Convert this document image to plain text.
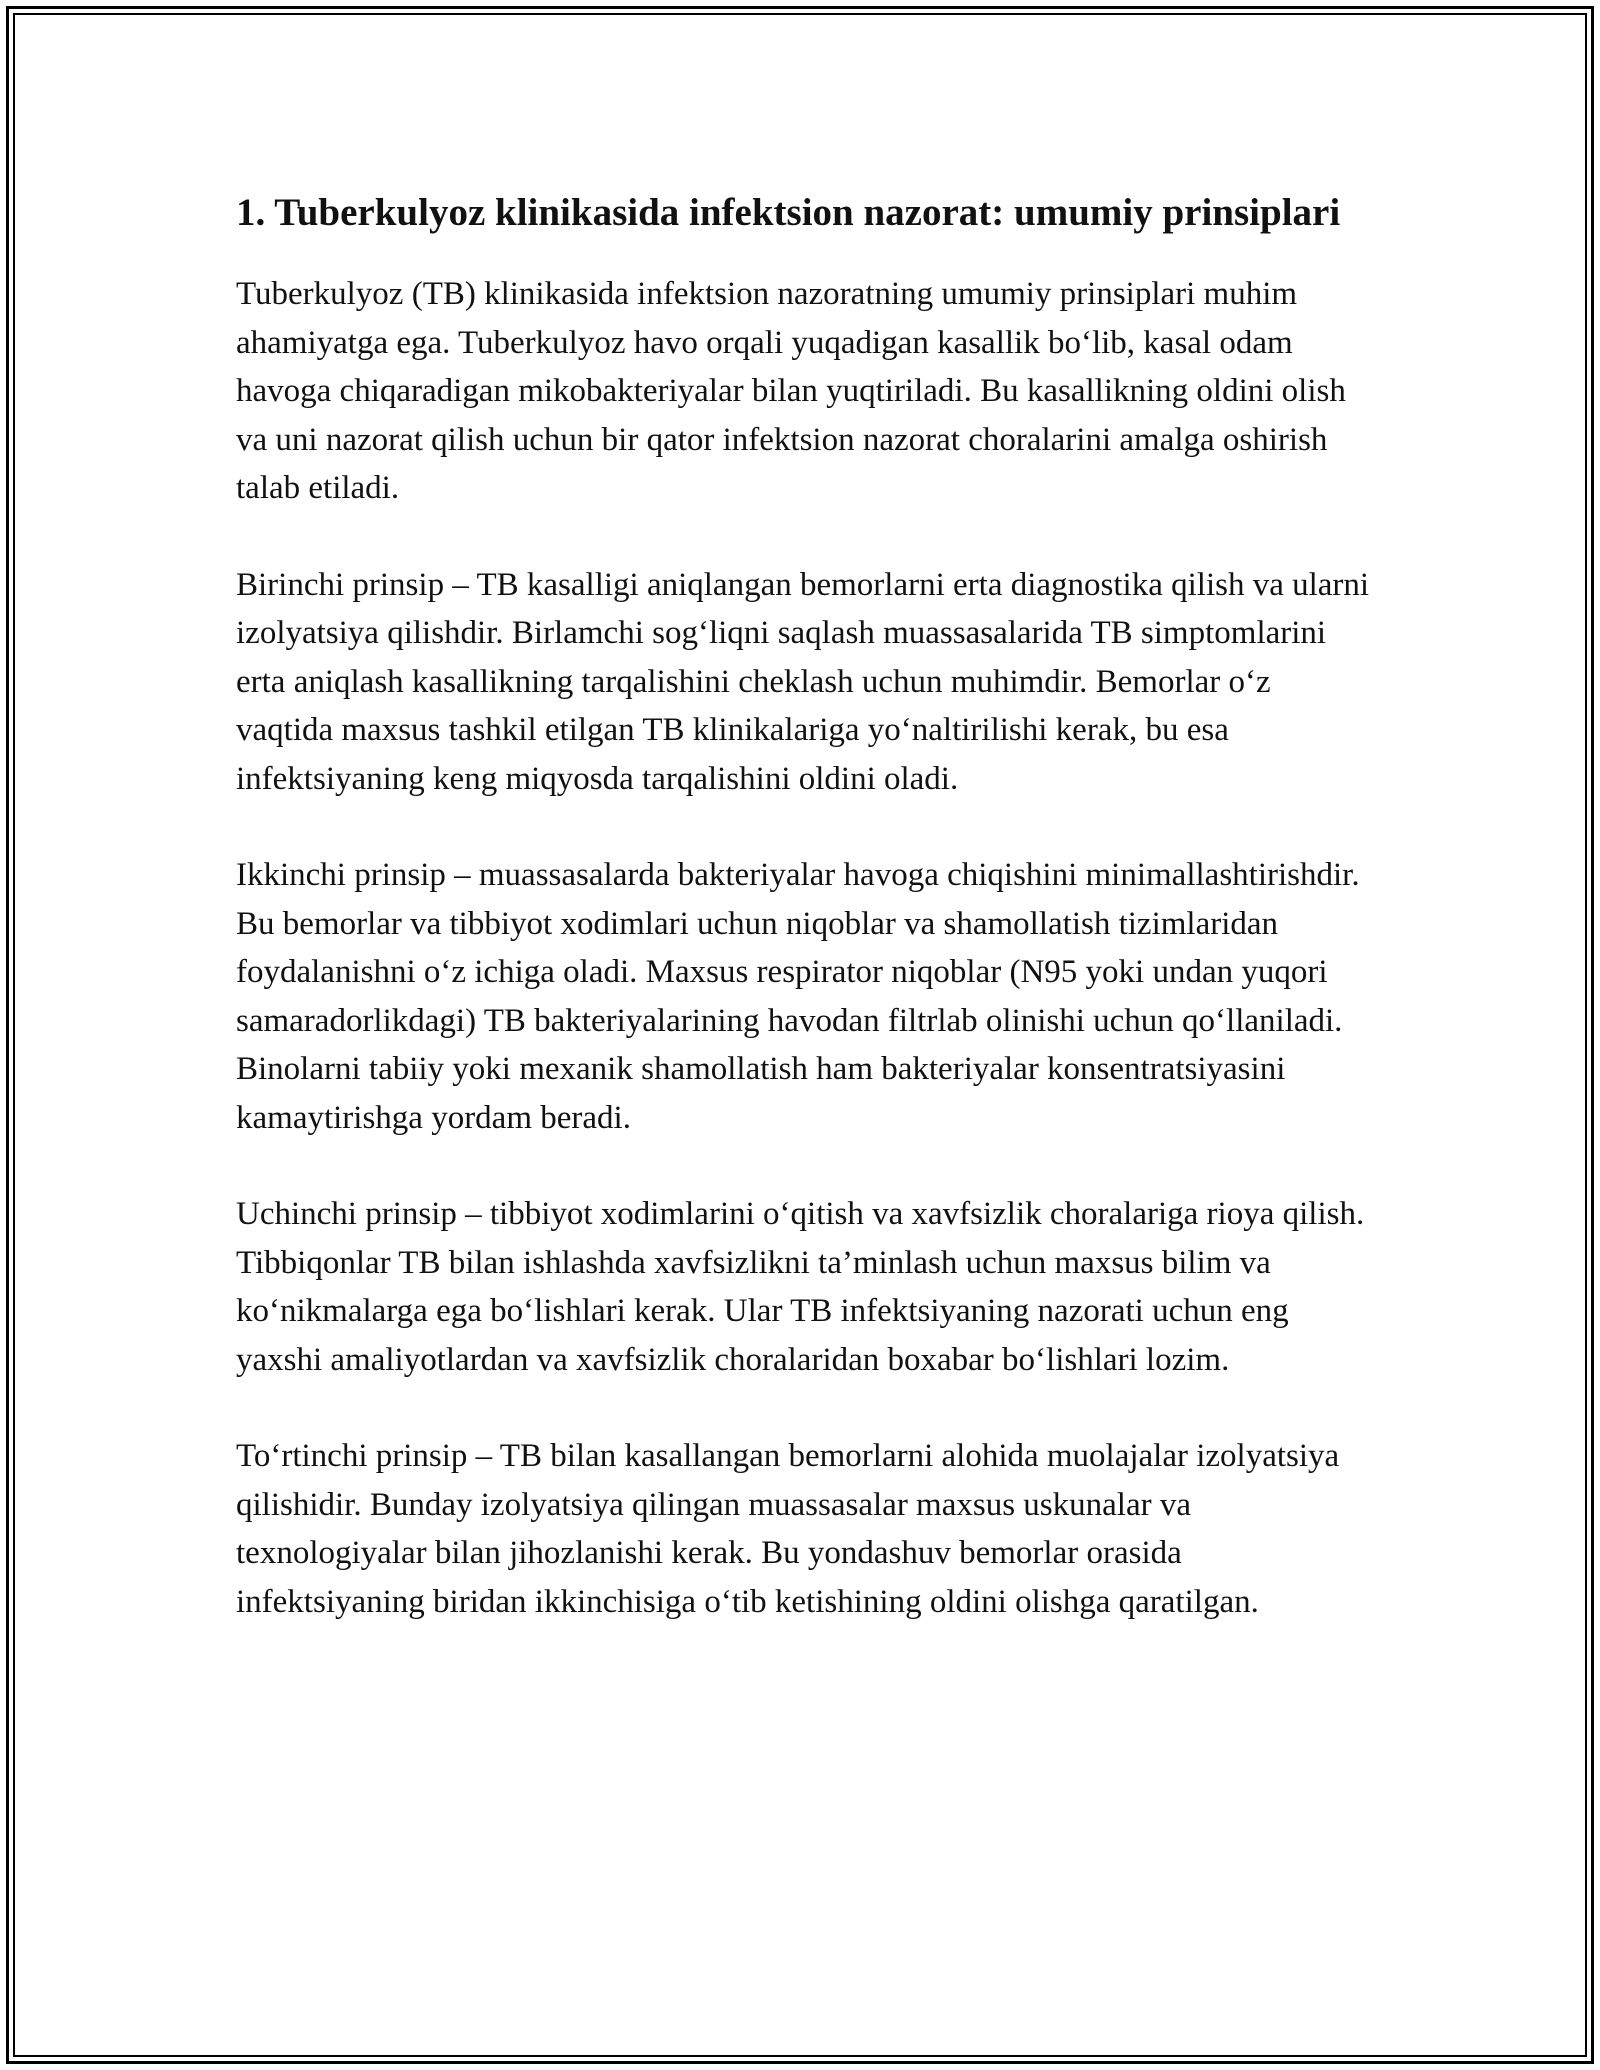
1. Tuberkulyoz klinikasida infektsion nazorat: umumiy prinsiplari

Tuberkulyoz (TB) klinikasida infektsion nazoratning umumiy prinsiplari muhim ahamiyatga ega. Tuberkulyoz havo orqali yuqadigan kasallik bo‘lib, kasal odam havoga chiqaradigan mikobakteriyalar bilan yuqtiriladi. Bu kasallikning oldini olish va uni nazorat qilish uchun bir qator infektsion nazorat choralarini amalga oshirish talab etiladi.

Birinchi prinsip – TB kasalligi aniqlangan bemorlarni erta diagnostika qilish va ularni izolyatsiya qilishdir. Birlamchi sog‘liqni saqlash muassasalarida TB simptomlarini erta aniqlash kasallikning tarqalishini cheklash uchun muhimdir. Bemorlar o‘z vaqtida maxsus tashkil etilgan TB klinikalariga yo‘naltirilishi kerak, bu esa infektsiyaning keng miqyosda tarqalishini oldini oladi.

Ikkinchi prinsip – muassasalarda bakteriyalar havoga chiqishini minimallashtirishdir. Bu bemorlar va tibbiyot xodimlari uchun niqoblar va shamollatish tizimlaridan foydalanishni o‘z ichiga oladi. Maxsus respirator niqoblar (N95 yoki undan yuqori samaradorlikdagi) TB bakteriyalarining havodan filtrlab olinishi uchun qo‘llaniladi. Binolarni tabiiy yoki mexanik shamollatish ham bakteriyalar konsentratsiyasini kamaytirishga yordam beradi.

Uchinchi prinsip – tibbiyot xodimlarini o‘qitish va xavfsizlik choralariga rioya qilish. Tibbiqonlar TB bilan ishlashda xavfsizlikni ta’minlash uchun maxsus bilim va ko‘nikmalarga ega bo‘lishlari kerak. Ular TB infektsiyaning nazorati uchun eng yaxshi amaliyotlardan va xavfsizlik choralaridan boxabar bo‘lishlari lozim.

To‘rtinchi prinsip – TB bilan kasallangan bemorlarni alohida muolajalar izolyatsiya qilishidir. Bunday izolyatsiya qilingan muassasalar maxsus uskunalar va texnologiyalar bilan jihozlanishi kerak. Bu yondashuv bemorlar orasida infektsiyaning biridan ikkinchisiga o‘tib ketishining oldini olishga qaratilgan.
